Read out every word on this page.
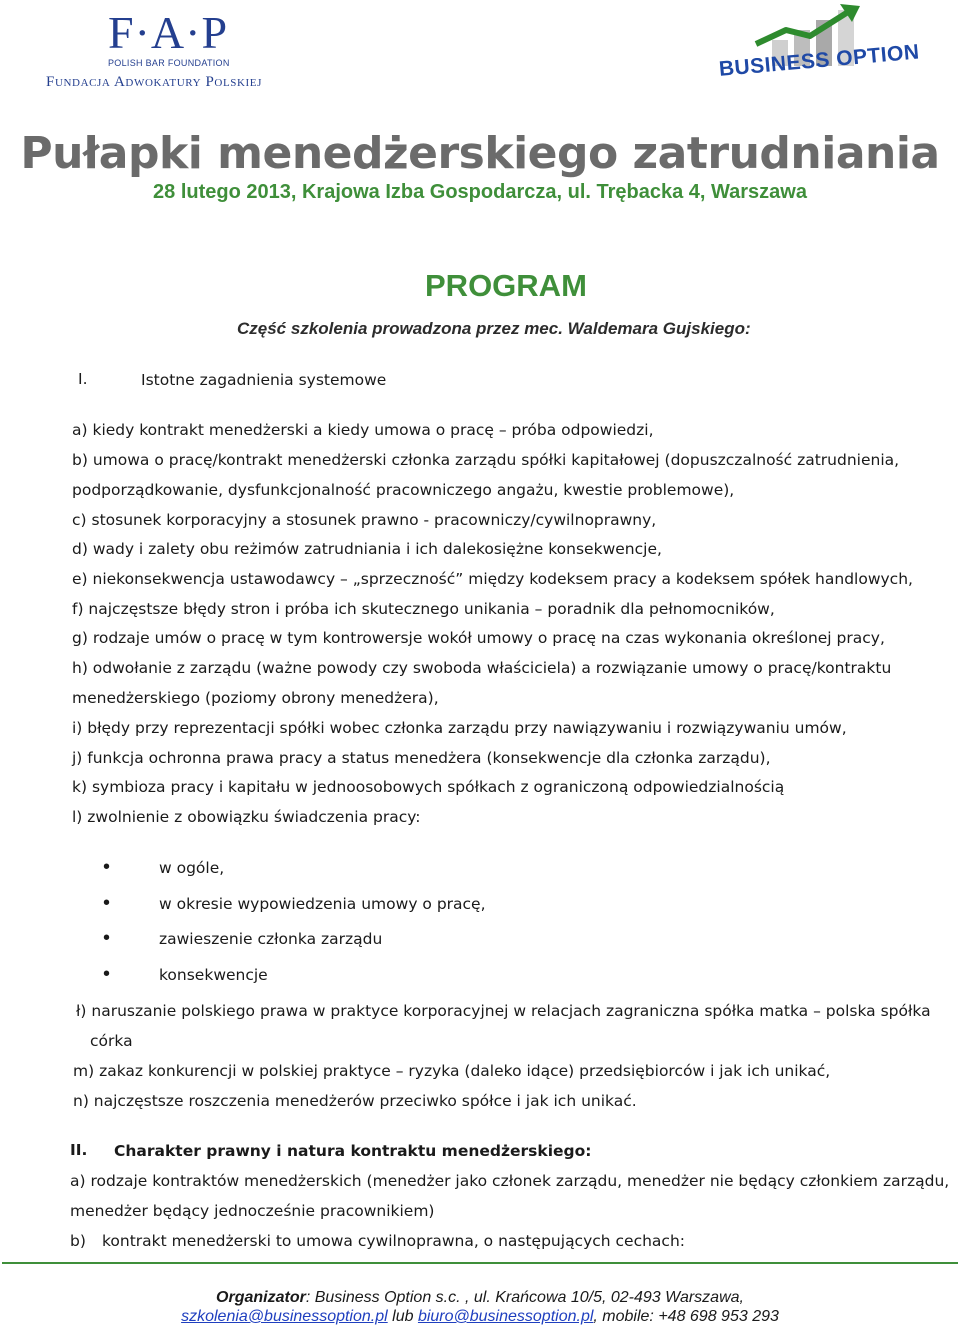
F·A·P
POLISH BAR FOUNDATION
Fundacja Adwokatury Polskiej
BUSINESS OPTION
Pułapki menedżerskiego zatrudniania
28 lutego 2013, Krajowa Izba Gospodarcza, ul. Trębacka 4, Warszawa
PROGRAM
Część szkolenia prowadzona przez mec. Waldemara Gujskiego:
I.	Istotne zagadnienia systemowe
a) kiedy kontrakt menedżerski a kiedy umowa o pracę – próba odpowiedzi,
b) umowa o pracę/kontrakt menedżerski członka zarządu spółki kapitałowej (dopuszczalność zatrudnienia,
podporządkowanie, dysfunkcjonalność pracowniczego angażu, kwestie problemowe),
c) stosunek korporacyjny a stosunek prawno - pracowniczy/cywilnoprawny,
d) wady i zalety obu reżimów zatrudniania i ich dalekosiężne konsekwencje,
e) niekonsekwencja ustawodawcy – „sprzeczność” między kodeksem pracy a kodeksem spółek handlowych,
f) najczęstsze błędy stron i próba ich skutecznego unikania – poradnik dla pełnomocników,
g) rodzaje umów o pracę w tym kontrowersje wokół umowy o pracę na czas wykonania określonej pracy,
h) odwołanie z zarządu (ważne powody czy swoboda właściciela) a rozwiązanie umowy o pracę/kontraktu
menedżerskiego (poziomy obrony menedżera),
i) błędy przy reprezentacji spółki wobec członka zarządu przy nawiązywaniu i rozwiązywaniu umów,
j) funkcja ochronna prawa pracy a status menedżera (konsekwencje dla członka zarządu),
k) symbioza pracy i kapitału w jednoosobowych spółkach z ograniczoną odpowiedzialnością
l) zwolnienie z obowiązku świadczenia pracy:
•	w ogóle,
•	w okresie wypowiedzenia umowy o pracę,
•	zawieszenie członka zarządu
•	konsekwencje
ł) naruszanie polskiego prawa w praktyce korporacyjnej w relacjach zagraniczna spółka matka – polska spółka
córka
m) zakaz konkurencji w polskiej praktyce – ryzyka (daleko idące) przedsiębiorców i jak ich unikać,
n) najczęstsze roszczenia menedżerów przeciwko spółce i jak ich unikać.
II. Charakter prawny i natura kontraktu menedżerskiego:
a) rodzaje kontraktów menedżerskich (menedżer jako członek zarządu, menedżer nie będący członkiem zarządu,
menedżer będący jednocześnie pracownikiem)
b) kontrakt menedżerski to umowa cywilnoprawna, o następujących cechach:
Organizator: Business Option s.c. , ul. Krańcowa 10/5, 02-493 Warszawa,
szkolenia@businessoption.pl lub biuro@businessoption.pl, mobile: +48 698 953 293
